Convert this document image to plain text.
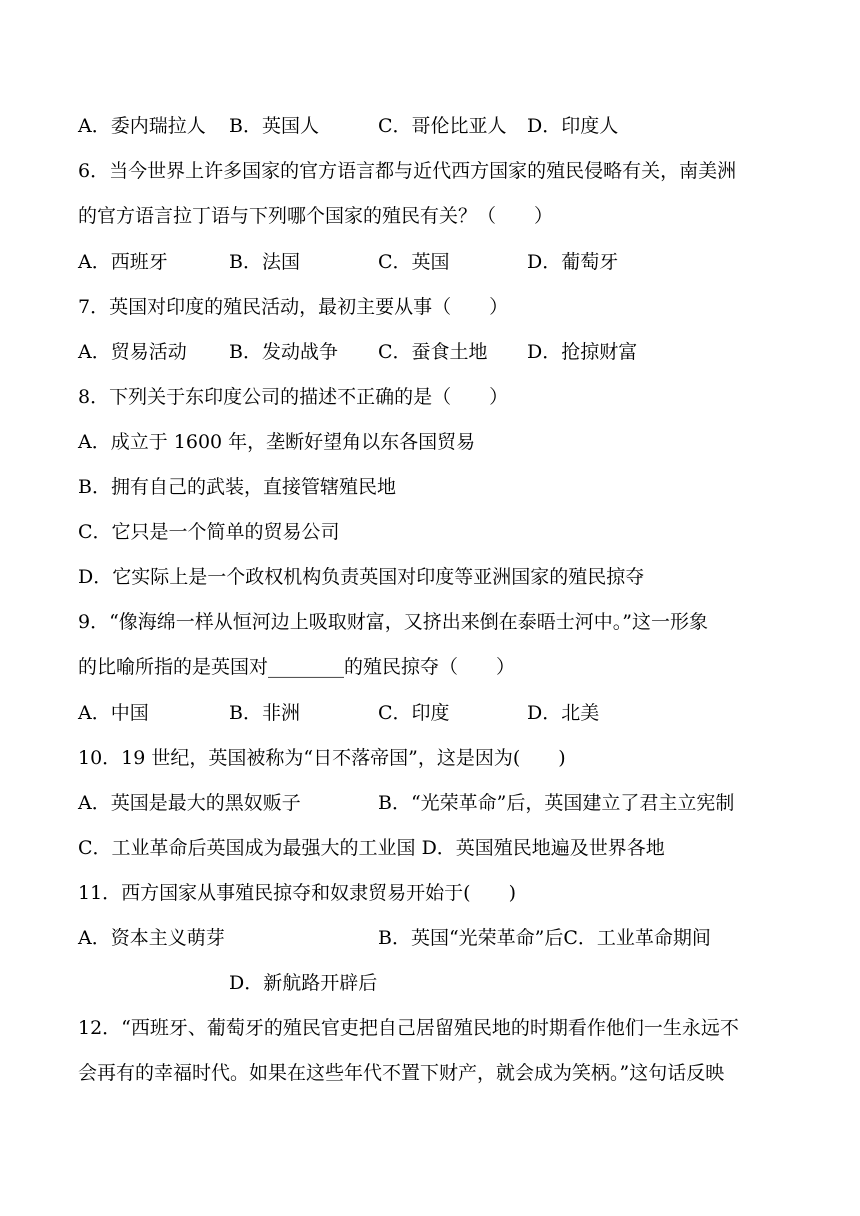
A．委内瑞拉人 B．英国人	C．哥伦比亚人 D．印度人
6．当今世界上许多国家的官方语言都与近代西方国家的殖民侵略有关，南美洲
的官方语言拉丁语与下列哪个国家的殖民有关？（　　）
A．西班牙	B．法国	C．英国	D．葡萄牙
7．英国对印度的殖民活动，最初主要从事（　　）
A．贸易活动 B．发动战争 C．蚕食土地 D．抢掠财富
8．下列关于东印度公司的描述不正确的是（　　）
A．成立于 1600 年，垄断好望角以东各国贸易
B．拥有自己的武装，直接管辖殖民地
C．它只是一个简单的贸易公司
D．它实际上是一个政权机构负责英国对印度等亚洲国家的殖民掠夺
9．“像海绵一样从恒河边上吸取财富，又挤出来倒在泰晤士河中。”这一形象
的比喻所指的是英国对________的殖民掠夺（　　）
A．中国	B．非洲	C．印度	D．北美
10．19 世纪，英国被称为“日不落帝国”，这是因为(　　)
A．英国是最大的黑奴贩子	B．“光荣革命”后，英国建立了君主立宪制
C．工业革命后英国成为最强大的工业国 D．英国殖民地遍及世界各地
11．西方国家从事殖民掠夺和奴隶贸易开始于(　　)
A．资本主义萌芽	B．英国“光荣革命”后C．工业革命期间
D．新航路开辟后
12．“西班牙、葡萄牙的殖民官吏把自己居留殖民地的时期看作他们一生永远不
会再有的幸福时代。如果在这些年代不置下财产，就会成为笑柄。”这句话反映
